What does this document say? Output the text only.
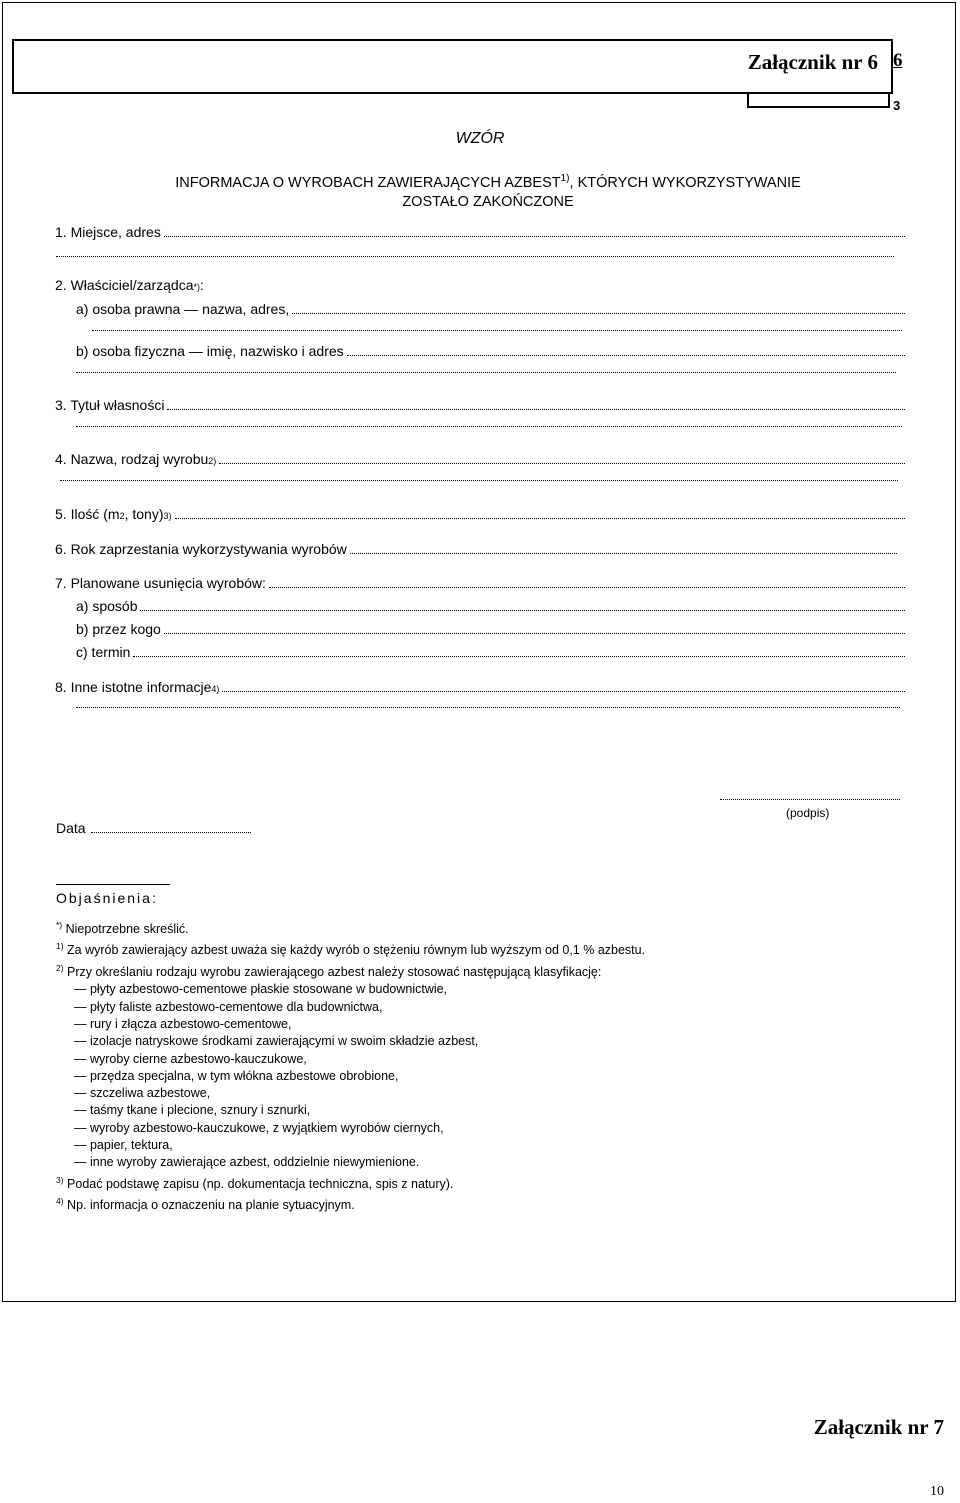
Załącznik nr 6 6
3
WZÓR
INFORMACJA O WYROBACH ZAWIERAJĄCYCH AZBEST$^{1)}$, KTÓRYCH WYKORZYSTYWANIE
ZOSTAŁO ZAKOŃCZONE
1. Miejsce, adres
2. Właściciel/zarządca *) :
a) osoba prawna — nazwa, adres,
b) osoba fizyczna — imię, nazwisko i adres
3. Tytuł własności
4. Nazwa, rodzaj wyrobu 2)
5. Ilość (m 2 , tony) 3)
6. Rok zaprzestania wykorzystywania wyrobów
7. Planowane usunięcia wyrobów:
a) sposób
b) przez kogo
c) termin
8. Inne istotne informacje 4)
(podpis)
Data
Objaśnienia:
*) Niepotrzebne skreślić.
$^{1)}$ Za wyrób zawierający azbest uważa się każdy wyrób o stężeniu równym lub wyższym od 0,1 % azbestu.
$^{2)}$ Przy określaniu rodzaju wyrobu zawierającego azbest należy stosować następującą klasyfikację:
— płyty azbestowo-cementowe płaskie stosowane w budownictwie,
— płyty faliste azbestowo-cementowe dla budownictwa,
— rury i złącza azbestowo-cementowe,
— izolacje natryskowe środkami zawierającymi w swoim składzie azbest,
— wyroby cierne azbestowo-kauczukowe,
— przędza specjalna, w tym włókna azbestowe obrobione,
— szczeliwa azbestowe,
— taśmy tkane i plecione, sznury i sznurki,
— wyroby azbestowo-kauczukowe, z wyjątkiem wyrobów ciernych,
— papier, tektura,
— inne wyroby zawierające azbest, oddzielnie niewymienione.
$^{3)}$ Podać podstawę zapisu (np. dokumentacja techniczna, spis z natury).
$^{4)}$ Np. informacja o oznaczeniu na planie sytuacyjnym.
Załącznik nr 7
10
